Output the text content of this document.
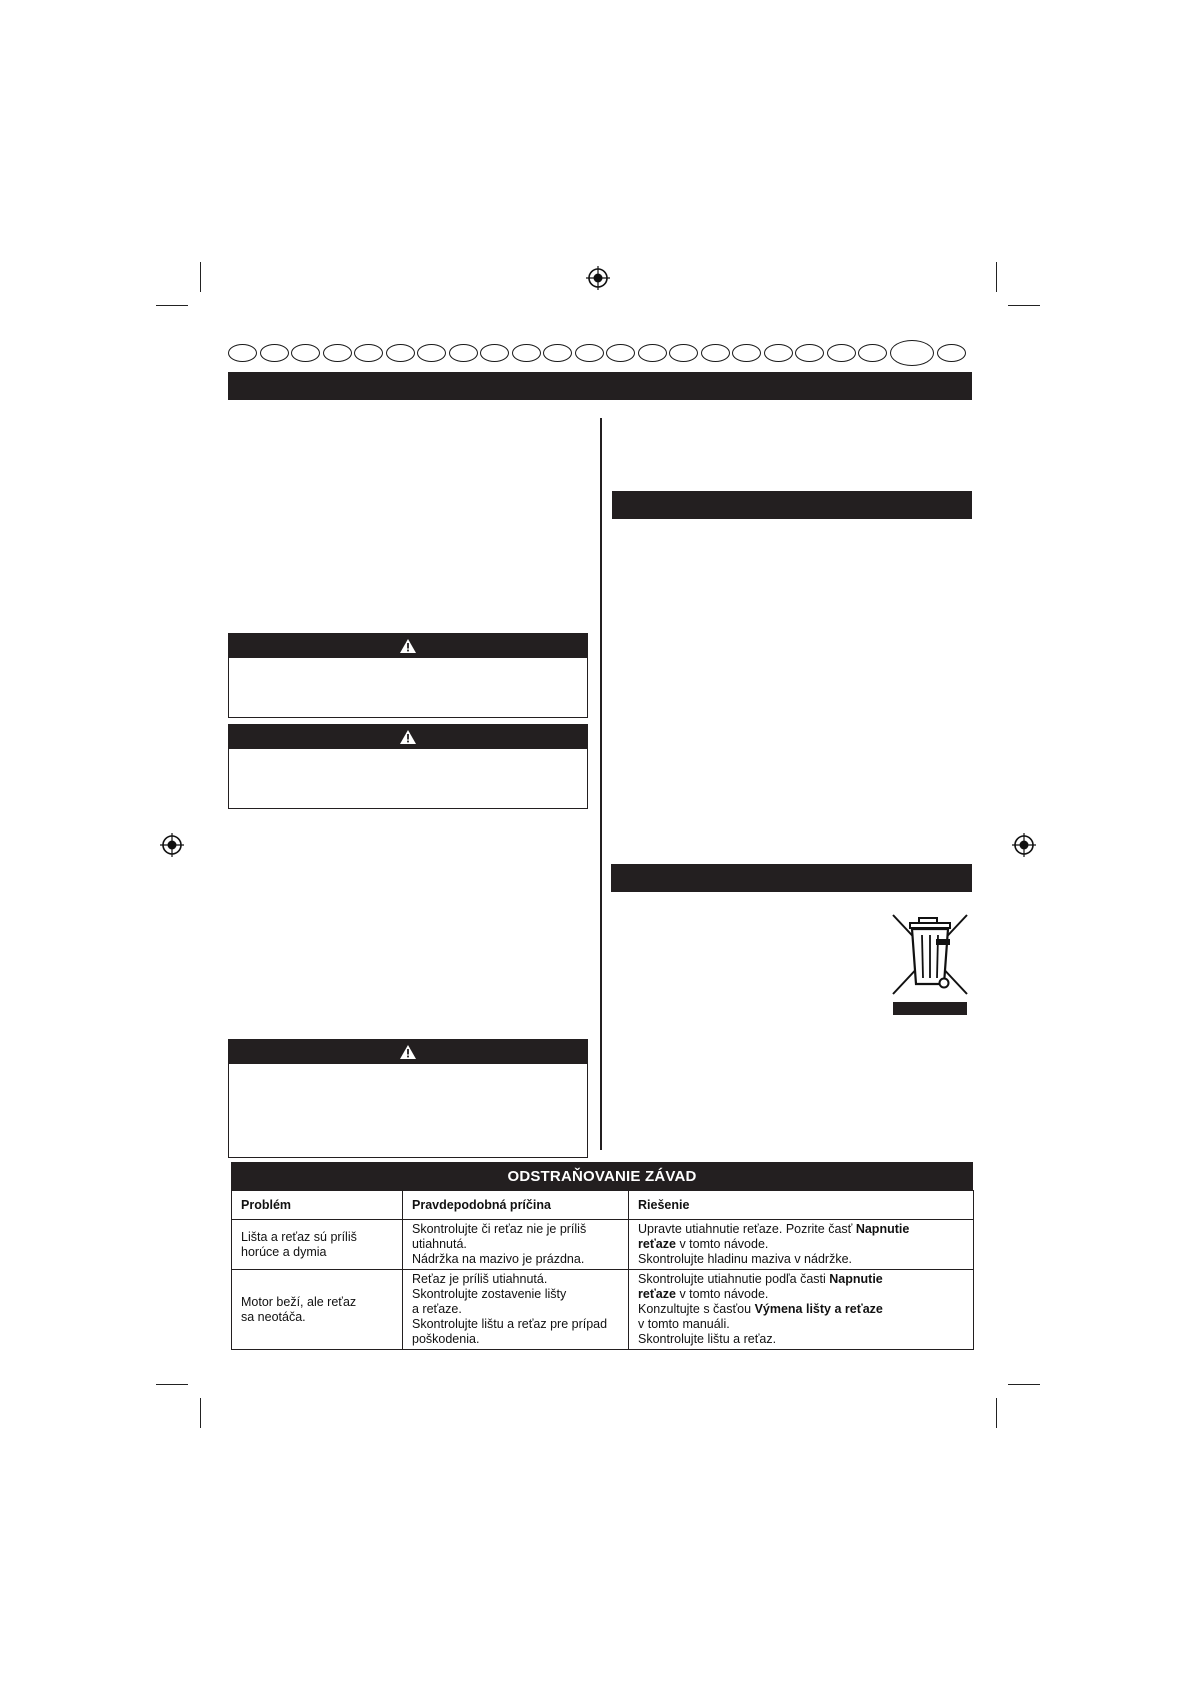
ODSTRAŇOVANIE ZÁVAD
Problém	Pravdepodobná príčina	Riešenie

Lišta a reťaz sú príliš
horúce a dymia	Skontrolujte či reťaz nie je príliš
utiahnutá.
Nádržka na mazivo je prázdna.	Upravte utiahnutie reťaze. Pozrite časť Napnutie
reťaze v tomto návode.
Skontrolujte hladinu maziva v nádržke.

Motor beží, ale reťaz
sa neotáča.	Reťaz je príliš utiahnutá.
Skontrolujte zostavenie lišty
a reťaze.
Skontrolujte lištu a reťaz pre prípad
poškodenia.	Skontrolujte utiahnutie podľa časti Napnutie
reťaze v tomto návode.
Konzultujte s časťou Výmena lišty a reťaze
v tomto manuáli.
Skontrolujte lištu a reťaz.
